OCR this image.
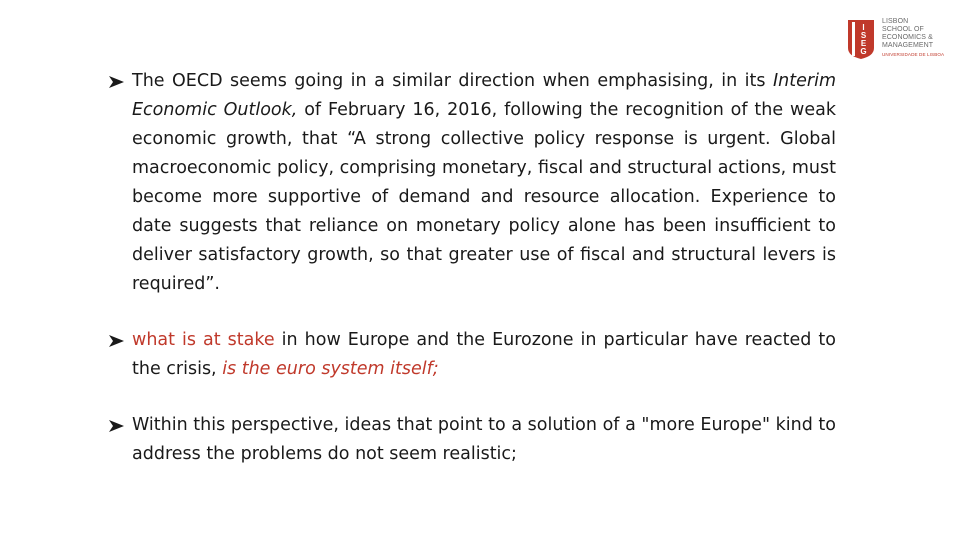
I
S
E
G
LISBON
SCHOOL OF
ECONOMICS &
MANAGEMENT
UNIVERSIDADE DE LISBOA
The OECD seems going in a similar direction when emphasising, in its Interim Economic Outlook, of February 16, 2016, following the recognition of the weak economic growth, that “A strong collective policy response is urgent. Global macroeconomic policy, comprising monetary, fiscal and structural actions, must become more supportive of demand and resource allocation. Experience to date suggests that reliance on monetary policy alone has been insufficient to deliver satisfactory growth, so that greater use of fiscal and structural levers is required”.
what is at stake in how Europe and the Eurozone in particular have reacted to the crisis, is the euro system itself;
Within this perspective, ideas that point to a solution of a "more Europe" kind to address the problems do not seem realistic;
